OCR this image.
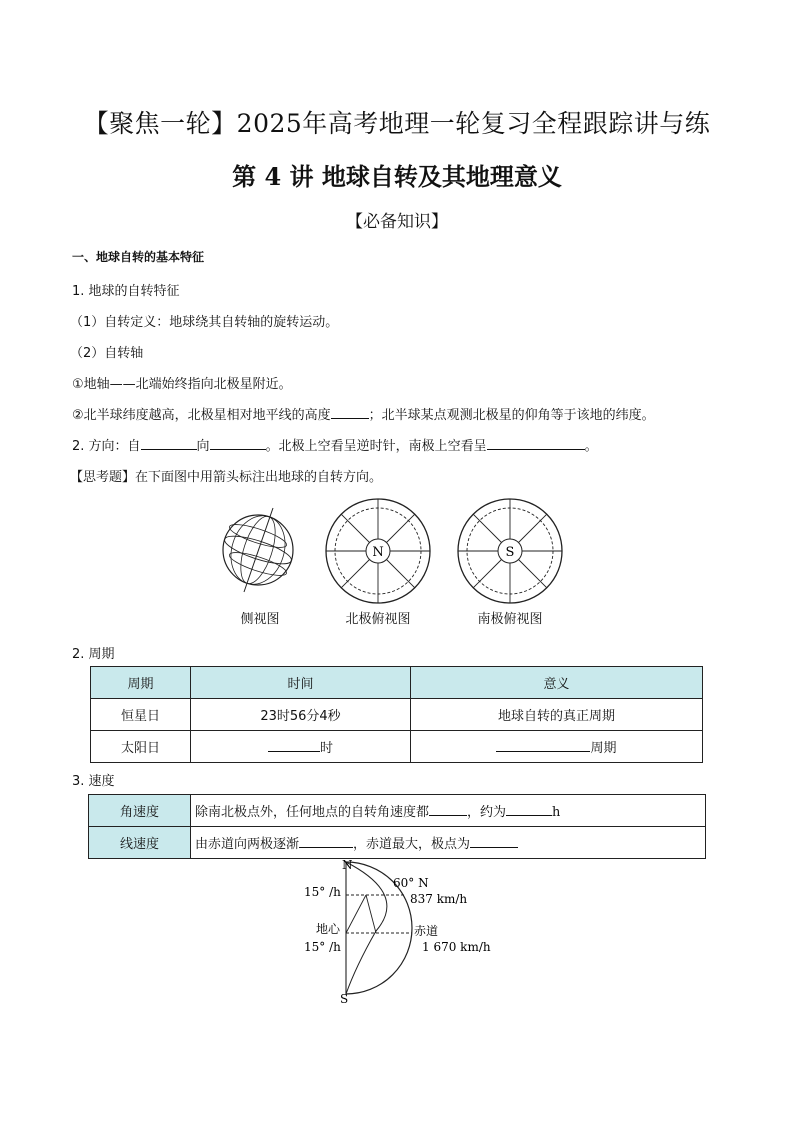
【聚焦一轮】2025年高考地理一轮复习全程跟踪讲与练
第 4 讲 地球自转及其地理意义
【必备知识】
一、地球自转的基本特征
1. 地球的自转特征
（1）自转定义：地球绕其自转轴的旋转运动。
（2）自转轴
①地轴——北端始终指向北极星附近。
②北半球纬度越高，北极星相对地平线的高度	；北半球某点观测北极星的仰角等于该地的纬度。
2. 方向：自	向	。北极上空看呈逆时针，南极上空看呈	。
【思考题】在下面图中用箭头标注出地球的自转方向。
侧视图
N
北极俯视图
S
南极俯视图
2. 周期
周期	时间	意义
恒星日	23时56分4秒	地球自转的真正周期
太阳日	时	周期
3. 速度
角速度	除南北极点外，任何地点的自转角速度都 ，约为 h
线速度	由赤道向两极逐渐 ，赤道最大，极点为
N
S
15° /h
60° N
837 km/h
地心
15° /h
赤道
1 670 km/h
